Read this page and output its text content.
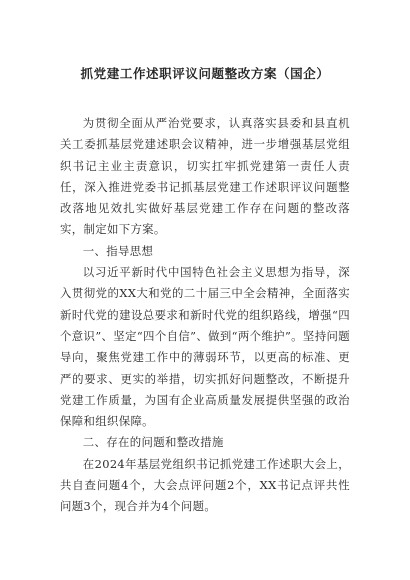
抓党建工作述职评议问题整改方案（国企）

为贯彻全面从严治党要求，认真落实县委和县直机关工委抓基层党建述职会议精神，进一步增强基层党组织书记主业主责意识，切实扛牢抓党建第一责任人责任，深入推进党委书记抓基层党建工作述职评议问题整改落地见效扎实做好基层党建工作存在问题的整改落实，制定如下方案。

一、指导思想

以习近平新时代中国特色社会主义思想为指导，深入贯彻党的XX大和党的二十届三中全会精神，全面落实新时代党的建设总要求和新时代党的组织路线，增强“四个意识”、坚定“四个自信”、做到“两个维护”。坚持问题导向，聚焦党建工作中的薄弱环节，以更高的标准、更严的要求、更实的举措，切实抓好问题整改，不断提升党建工作质量，为国有企业高质量发展提供坚强的政治保障和组织保障。

二、存在的问题和整改措施

在2024年基层党组织书记抓党建工作述职大会上，共自查问题4个，大会点评问题2个，XX书记点评共性问题3个，现合并为4个问题。
